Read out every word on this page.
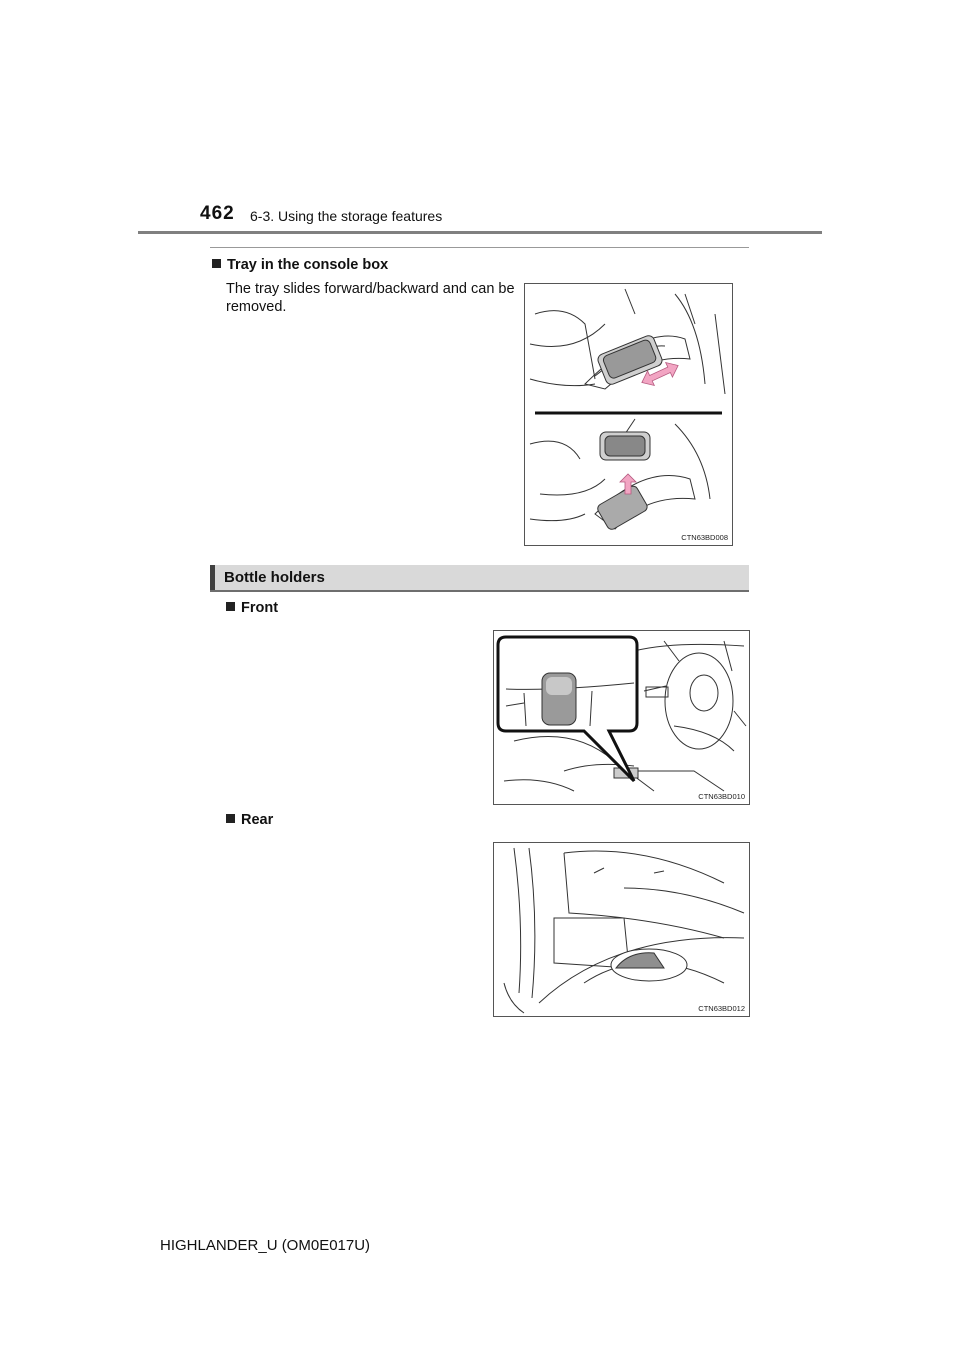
462 6-3. Using the storage features
Tray in the console box
The tray slides forward/backward and can be removed.
CTN63BD008
Bottle holders
Front
CTN63BD010
Rear
CTN63BD012
HIGHLANDER_U (OM0E017U)
